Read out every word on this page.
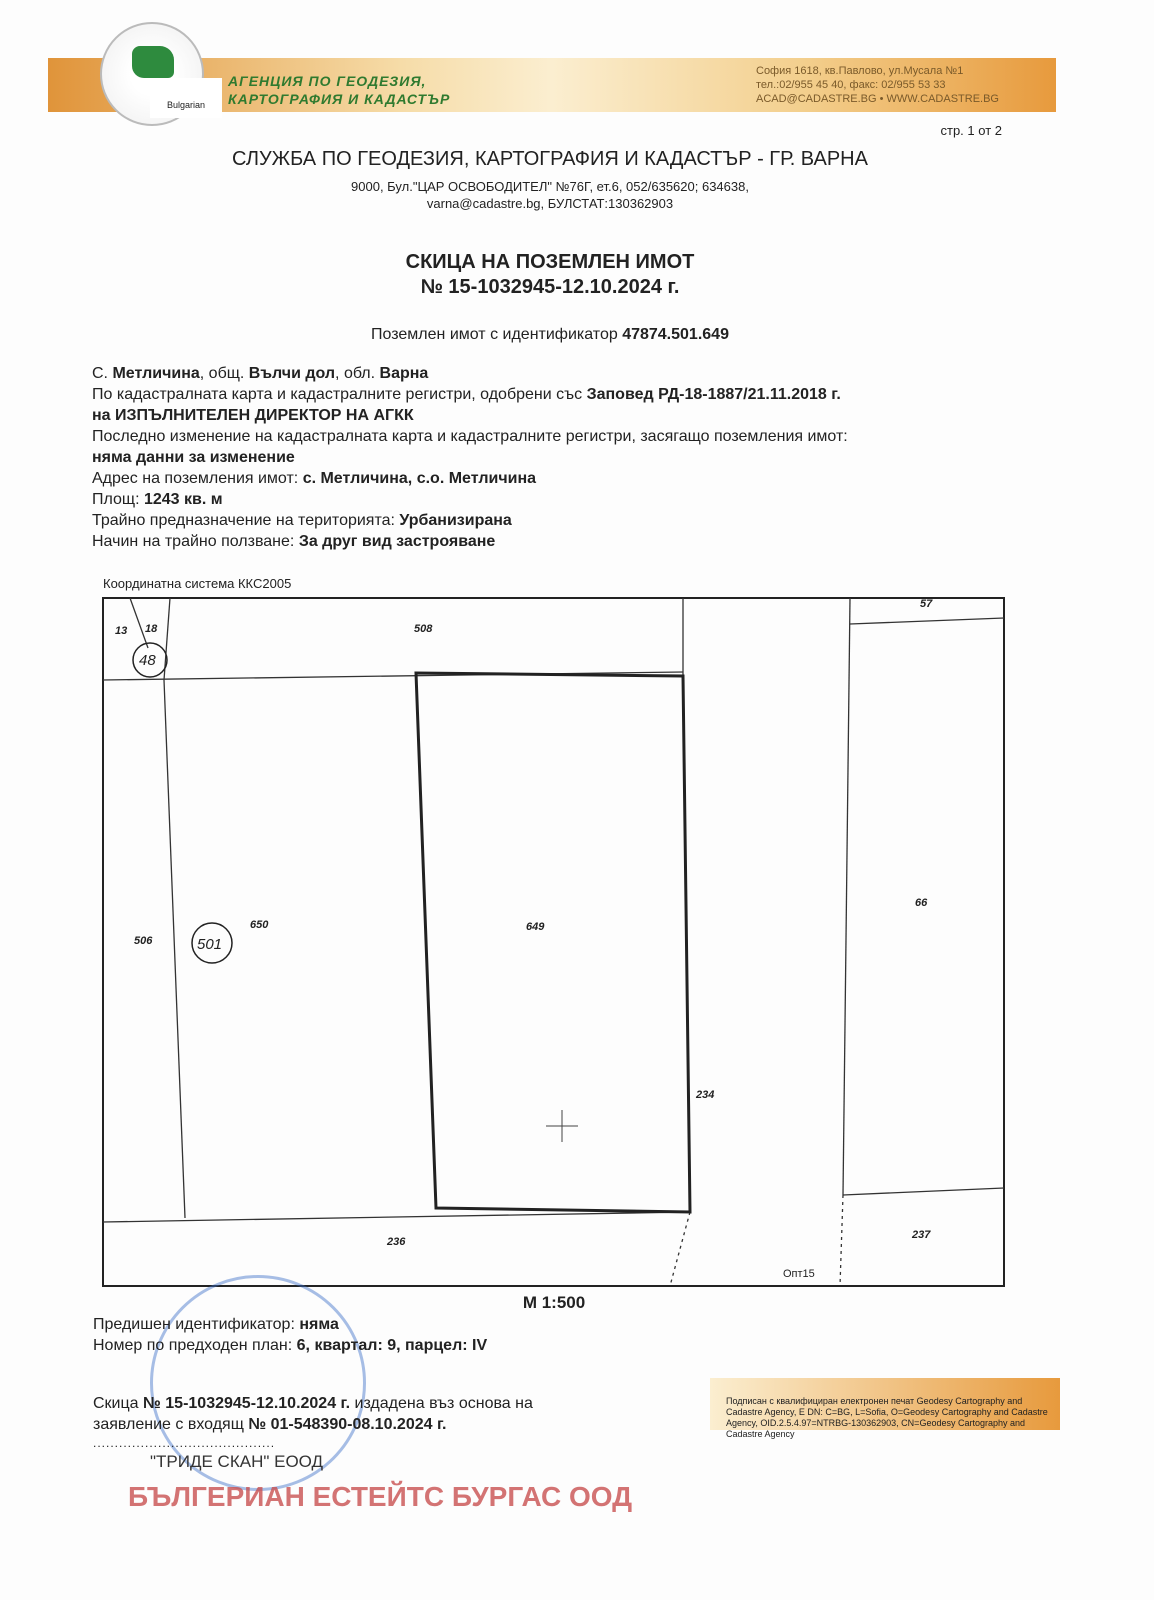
Bulgarian
АГЕНЦИЯ ПО ГЕОДЕЗИЯ,
КАРТОГРАФИЯ И КАДАСТЪР
София 1618, кв.Павлово, ул.Мусала №1
тел.:02/955 45 40, факс: 02/955 53 33
ACAD@CADASTRE.BG • WWW.CADASTRE.BG
стр. 1 от 2
СЛУЖБА ПО ГЕОДЕЗИЯ, КАРТОГРАФИЯ И КАДАСТЪР - ГР. ВАРНА
9000, Бул."ЦАР ОСВОБОДИТЕЛ" №76Г, ет.6, 052/635620; 634638,
varna@cadastre.bg, БУЛСТАТ:130362903
СКИЦА НА ПОЗЕМЛЕН ИМОТ
№ 15-1032945-12.10.2024 г.
Поземлен имот с идентификатор 47874.501.649
С. Метличина, общ. Вълчи дол, обл. Варна
По кадастралната карта и кадастралните регистри, одобрени със Заповед РД-18-1887/21.11.2018 г.
на ИЗПЪЛНИТЕЛЕН ДИРЕКТОР НА АГКК
Последно изменение на кадастралната карта и кадастралните регистри, засягащо поземления имот:
няма данни за изменение
Адрес на поземления имот: с. Метличина, с.о. Метличина
Площ: 1243 кв. м
Трайно предназначение на територията: Урбанизирана
Начин на трайно ползване: За друг вид застрояване
Координатна система ККС2005
13 18
48
508
57
506	501
650	649
66
234
236
237
Опт15
М 1:500
Предишен идентификатор: няма
Номер по предходен план: 6, квартал: 9, парцел: IV
Скица № 15-1032945-12.10.2024 г. издадена въз основа на
заявление с входящ № 01-548390-08.10.2024 г.
..........................................
Подписан с квалифициран електронен печат Geodesy Cartography and Cadastre Agency, E DN: C=BG, L=Sofia, O=Geodesy Cartography and Cadastre Agency, OID.2.5.4.97=NTRBG-130362903, CN=Geodesy Cartography and Cadastre Agency
"ТРИДЕ СКАН" ЕООД
БЪЛГЕРИАН ЕСТЕЙТС БУРГАС ООД
